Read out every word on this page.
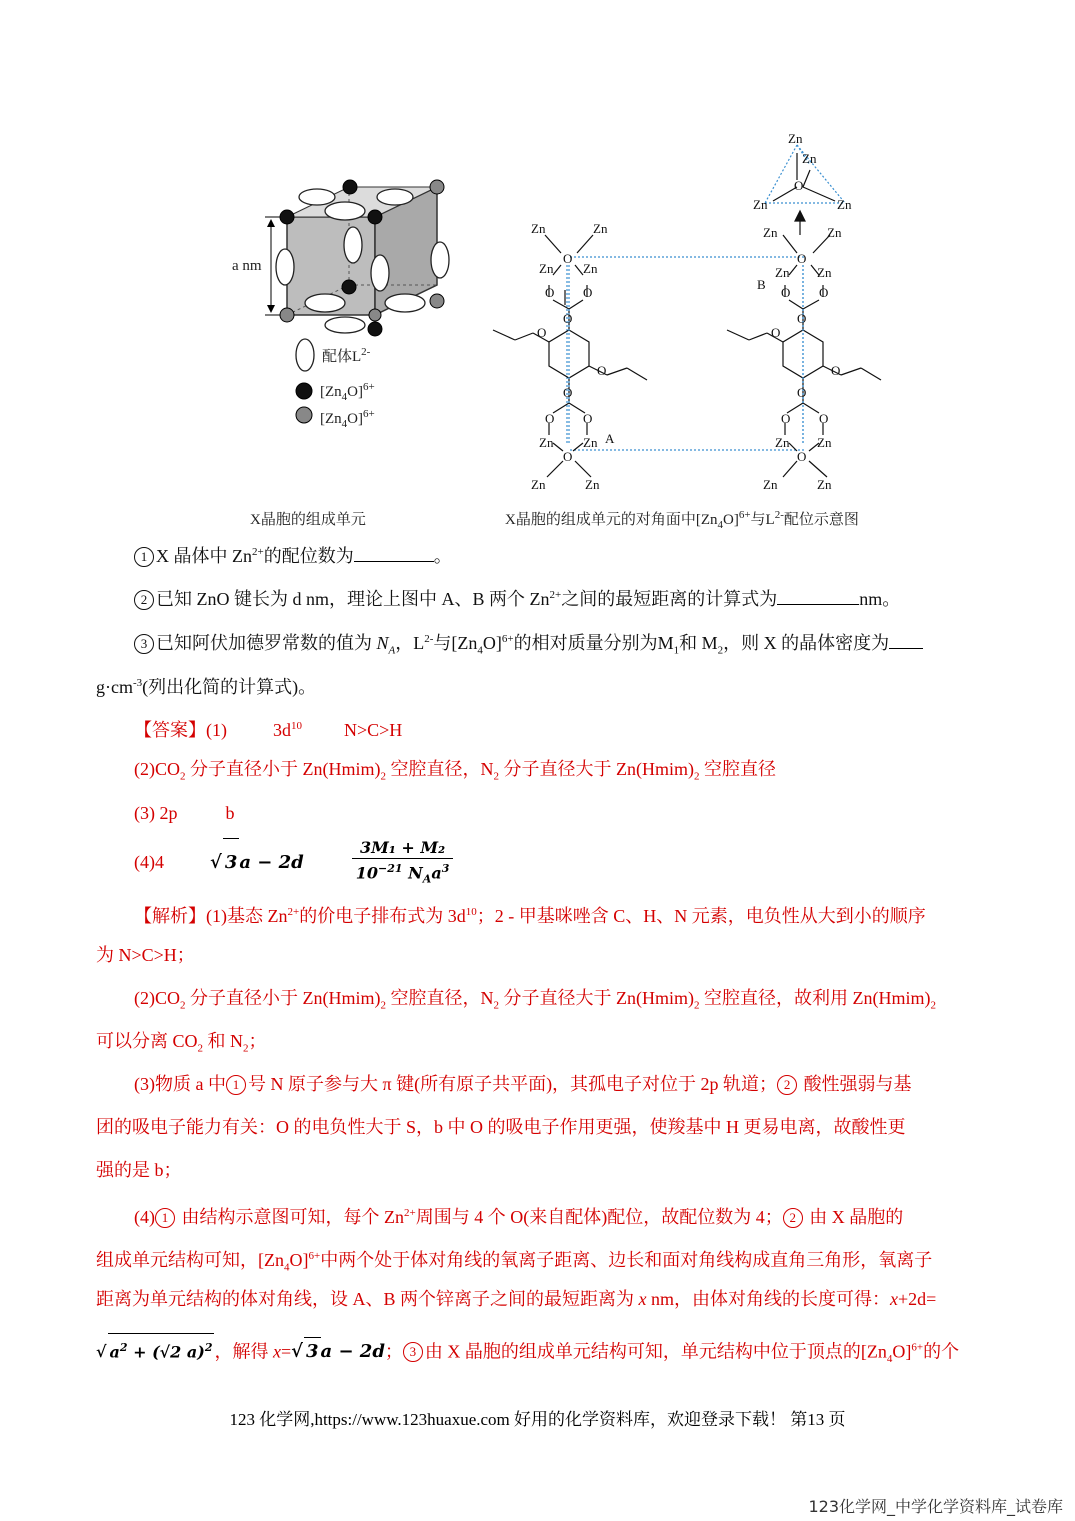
a nm
配体$L^{2-}$
$[Zn_4O]^{6+}$
$[Zn_4O]^{6+}$
X晶胞的组成单元
Zn
Zn
O
Zn	Zn
Zn	Zn
O
Zn Zn
O O
Zn	Zn
O
Zn Zn
O O
B
O	O
O	O
O	O
O	O
O O	O O
Zn Zn A	Zn Zn
O	O
Zn	Zn	Zn	Zn
X晶胞的组成单元的对角面中$[Zn_4O]^{6+}$与$L^{2-}$配位示意图
1 X 晶体中 $Zn^{2+}$的配位数为	。
2 已知 ZnO 键长为 d nm，理论上图中 A、B 两个 $Zn^{2+}$之间的最短距离的计算式为	nm。
3 已知阿伏加德罗常数的值为 $N_A$，$L^{2-}$与$[Zn_4O]^{6+}$的相对质量分别为$M_1$和 $M_2$，则 X 的晶体密度为
$g\cdot cm^{-3}$(列出化简的计算式)。
【答案】(1)	$3d^{10}$ N>C>H
$(2)CO_2$ 分子直径小于 $Zn(Hmim)_2$ 空腔直径，$N_2$ 分子直径大于 $Zn(Hmim)_2$ 空腔直径
(3) 2p	b
(4)4	√ 3 a − 2d	$\frac{\text{3M₁ + M₂}}{10^{-21} N_Aa^3}$
【解析】(1)基态 $Zn^{2+}$的价电子排布式为 $3d^{10}$；2 - 甲基咪唑含 C、H、N 元素，电负性从大到小的顺序
为 N>C>H；
$(2)CO_2$ 分子直径小于 $Zn(Hmim)_2$ 空腔直径，$N_2$ 分子直径大于 $Zn(Hmim)_2$ 空腔直径，故利用 $Zn(Hmim)_2$
可以分离 $CO_2$ 和 $N_2$；
(3)物质 a 中 1 号 N 原子参与大 π 键(所有原子共平面)，其孤电子对位于 2p 轨道； 2 酸性强弱与基
团的吸电子能力有关：O 的电负性大于 S，b 中 O 的吸电子作用更强，使羧基中 H 更易电离，故酸性更
强的是 b；
(4) 1 由结构示意图可知，每个 $Zn^{2+}$周围与 4 个 O(来自配体)配位，故配位数为 4； 2 由 X 晶胞的
组成单元结构可知，$[Zn_4O]^{6+}$中两个处于体对角线的氧离子距离、边长和面对角线构成直角三角形，氧离子
距离为单元结构的体对角线，设 A、B 两个锌离子之间的最短距离为 x nm，由体对角线的长度可得：x+2d=
√ $a^2 + (√2$ a)$^2$ ，解得 x=√ 3 a − 2d； 3 由 X 晶胞的组成单元结构可知，单元结构中位于顶点的$[Zn_4O]^{6+}$的个
123 化学网,https://www.123huaxue.com 好用的化学资料库，欢迎登录下载！ 第13 页
123化学网_中学化学资料库_试卷库
